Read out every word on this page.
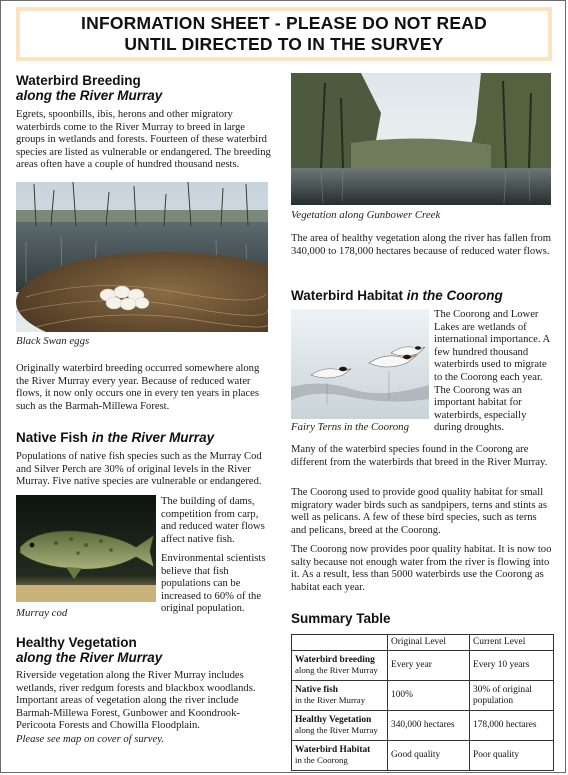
INFORMATION SHEET - PLEASE DO NOT READ
UNTIL DIRECTED TO IN THE SURVEY
Waterbird Breeding
along the River Murray

Egrets, spoonbills, ibis, herons and other migratory waterbirds come to the River Murray to breed in large groups in wetlands and forests. Fourteen of these waterbird species are listed as vulnerable or endangered. The breeding areas often have a couple of hundred thousand nests.

Black Swan eggs

Originally waterbird breeding occurred somewhere along the River Murray every year. Because of reduced water flows, it now only occurs one in every ten years in places such as the Barmah-Millewa Forest.

Native Fish in the River Murray

Populations of native fish species such as the Murray Cod and Silver Perch are 30% of original levels in the River Murray. Five native species are vulnerable or endangered.

The building of dams, competition from carp, and reduced water flows affect native fish.

Environmental scientists believe that fish populations can be increased to 60% of the original population.

Murray cod
Healthy Vegetation
along the River Murray

Riverside vegetation along the River Murray includes wetlands, river redgum forests and blackbox woodlands. Important areas of vegetation along the river include Barmah-Millewa Forest, Gunbower and Koondrook-Pericoota Forests and Chowilla Floodplain.

Please see map on cover of survey.

Vegetation along Gunbower Creek

The area of healthy vegetation along the river has fallen from 340,000 to 178,000 hectares because of reduced water flows.

Waterbird Habitat in the Coorong

The Coorong and Lower Lakes are wetlands of international importance. A few hundred thousand waterbirds used to migrate to the Coorong each year. The Coorong was an important habitat for waterbirds, especially during droughts.

Fairy Terns in the Coorong

Many of the waterbird species found in the Coorong are different from the waterbirds that breed in the River Murray.

The Coorong used to provide good quality habitat for small migratory wader birds such as sandpipers, terns and stints as well as pelicans. A few of these bird species, such as terns and pelicans, breed at the Coorong.

The Coorong now provides poor quality habitat. It is now too salty because not enough water from the river is flowing into it. As a result, less than 5000 waterbirds use the Coorong as habitat each year.

Summary Table
	Original Level	Current Level
Waterbird breeding
along the River Murray	Every year	Every 10 years
Native fish
in the River Murray	100%	30% of original population
Healthy Vegetation
along the River Murray	340,000 hectares	178,000 hectares
Waterbird Habitat
in the Coorong	Good quality	Poor quality
